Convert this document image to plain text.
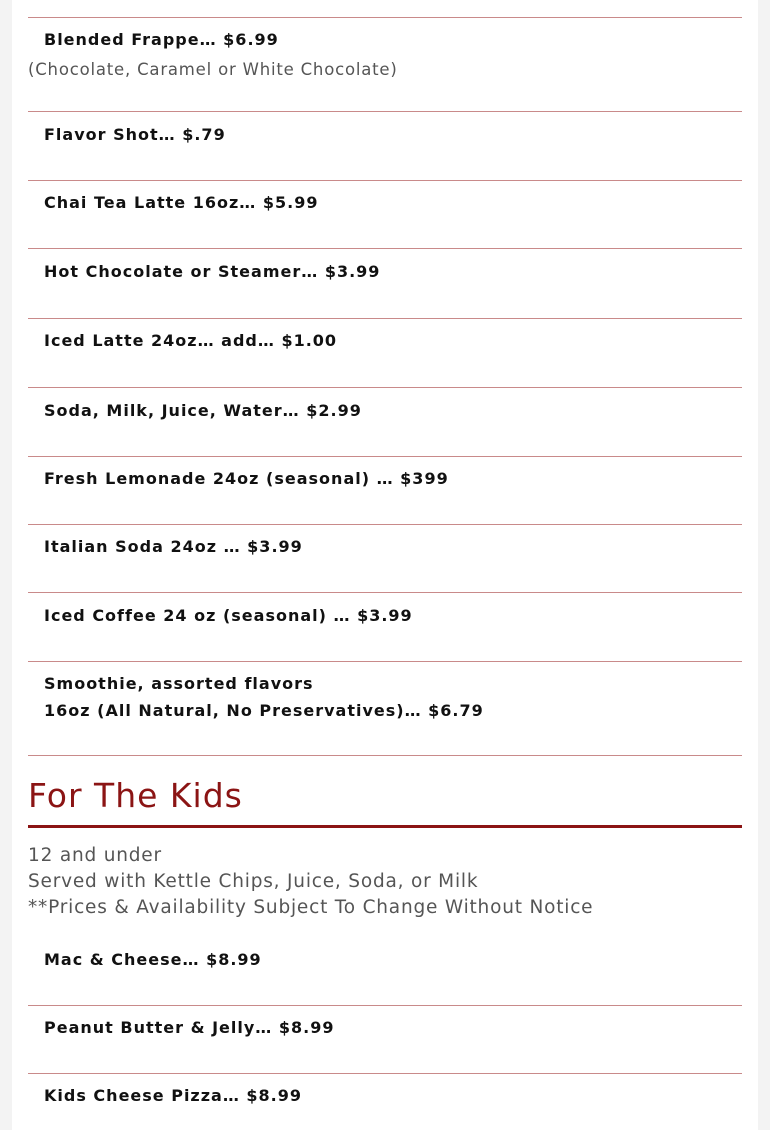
Blended Frappe… $6.99
(Chocolate, Caramel or White Chocolate)
Flavor Shot… $.79
Chai Tea Latte 16oz… $5.99
Hot Chocolate or Steamer… $3.99
Iced Latte 24oz… add… $1.00
Soda, Milk, Juice, Water… $2.99
Fresh Lemonade 24oz (seasonal) … $399
Italian Soda 24oz … $3.99
Iced Coffee 24 oz (seasonal) … $3.99
Smoothie, assorted flavors
16oz (All Natural, No Preservatives)… $6.79
For The Kids
12 and under
Served with Kettle Chips, Juice, Soda, or Milk
**Prices & Availability Subject To Change Without Notice
Mac & Cheese… $8.99
Peanut Butter & Jelly… $8.99
Kids Cheese Pizza… $8.99
